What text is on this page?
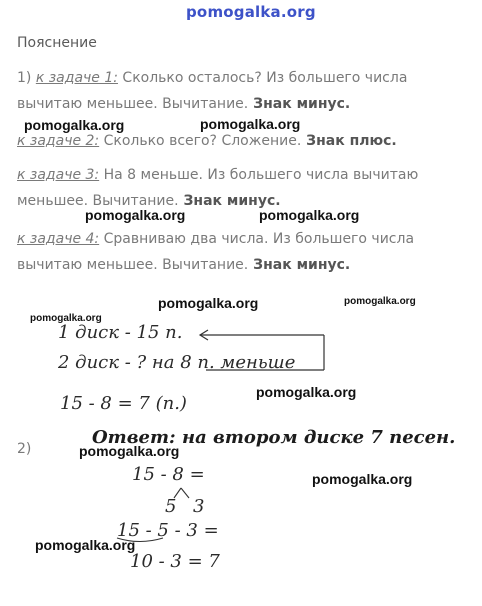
pomogalka.org
Пояснение
1) к задаче 1: Сколько осталось? Из большего числа
вычитаю меньшее. Вычитание. Знак минус.
pomogalka.org	pomogalka.org
к задаче 2: Сколько всего? Сложение. Знак плюс.
к задаче 3: На 8 меньше. Из большего числа вычитаю
меньшее. Вычитание. Знак минус.
pomogalka.org	pomogalka.org
к задаче 4: Сравниваю два числа. Из большего числа
вычитаю меньшее. Вычитание. Знак минус.
pomogalka.org	pomogalka.org
pomogalka.org
1 диск - 15 п.
2 диск - ? на 8 п. меньше
15 - 8 = 7 (п.)
pomogalka.org
Ответ: на втором диске 7 песен.
2)	pomogalka.org
15 - 8 =	pomogalka.org
5 3
15 - 5 - 3 =
pomogalka.org
10 - 3 = 7
